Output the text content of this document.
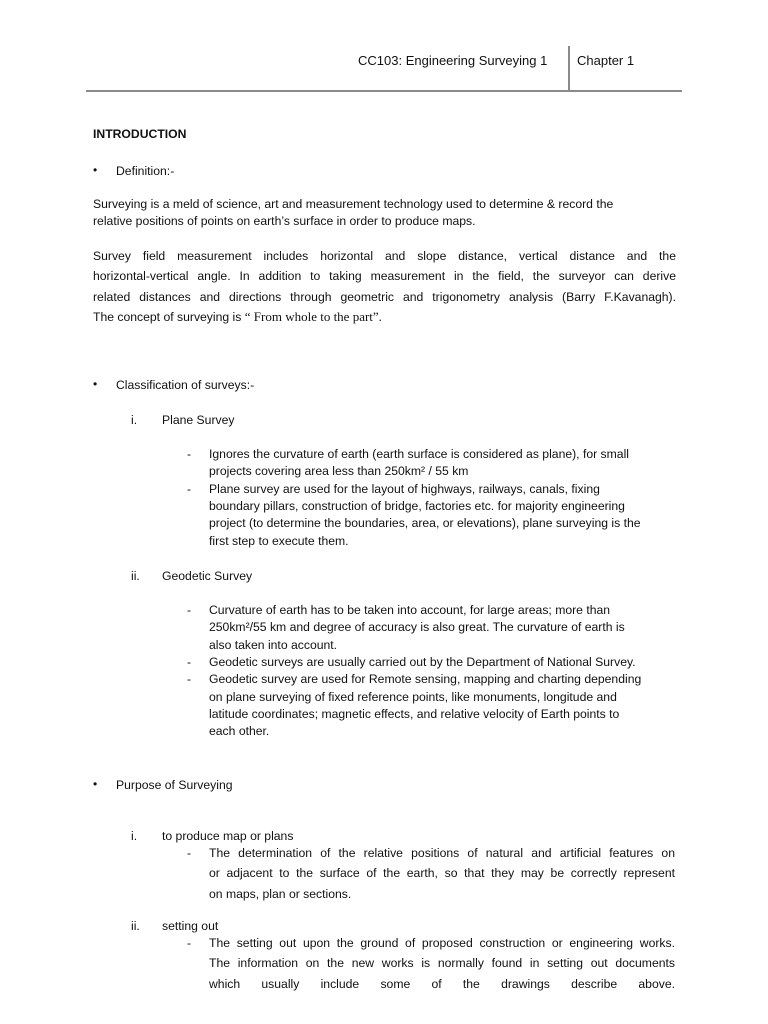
CC103: Engineering Surveying 1 Chapter 1
INTRODUCTION
• Definition:-
Surveying is a meld of science, art and measurement technology used to determine & record the
relative positions of points on earth’s surface in order to produce maps.
Survey field measurement includes horizontal and slope distance, vertical distance and the
horizontal-vertical angle. In addition to taking measurement in the field, the surveyor can derive
related distances and directions through geometric and trigonometry analysis (Barry F.Kavanagh).
The concept of surveying is “ From whole to the part”.
• Classification of surveys:-
i. Plane Survey
- Ignores the curvature of earth (earth surface is considered as plane), for small
projects covering area less than 250km² / 55 km
- Plane survey are used for the layout of highways, railways, canals, fixing
boundary pillars, construction of bridge, factories etc. for majority engineering
project (to determine the boundaries, area, or elevations), plane surveying is the
first step to execute them.
ii. Geodetic Survey
- Curvature of earth has to be taken into account, for large areas; more than
250km²/55 km and degree of accuracy is also great. The curvature of earth is
also taken into account.
- Geodetic surveys are usually carried out by the Department of National Survey.
- Geodetic survey are used for Remote sensing, mapping and charting depending
on plane surveying of fixed reference points, like monuments, longitude and
latitude coordinates; magnetic effects, and relative velocity of Earth points to
each other.
• Purpose of Surveying
i. to produce map or plans
- The determination of the relative positions of natural and artificial features on
or adjacent to the surface of the earth, so that they may be correctly represent
on maps, plan or sections.
ii. setting out
- The setting out upon the ground of proposed construction or engineering works.
The information on the new works is normally found in setting out documents
which usually include some of the drawings describe above.
